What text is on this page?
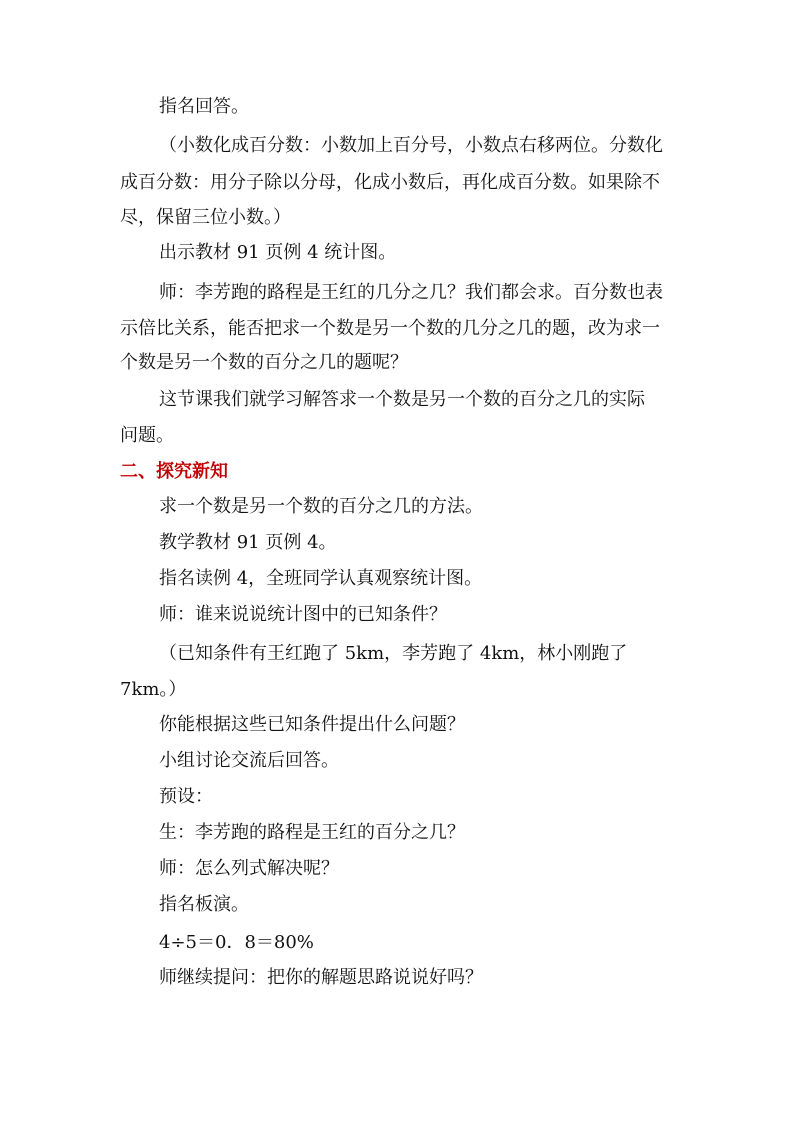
指名回答。
（小数化成百分数：小数加上百分号，小数点右移两位。分数化
成百分数：用分子除以分母，化成小数后，再化成百分数。如果除不
尽，保留三位小数。）
出示教材 91 页例 4 统计图。
师：李芳跑的路程是王红的几分之几？我们都会求。百分数也表
示倍比关系，能否把求一个数是另一个数的几分之几的题，改为求一
个数是另一个数的百分之几的题呢？
这节课我们就学习解答求一个数是另一个数的百分之几的实际
问题。
二、探究新知
求一个数是另一个数的百分之几的方法。
教学教材 91 页例 4。
指名读例 4，全班同学认真观察统计图。
师：谁来说说统计图中的已知条件？
（已知条件有王红跑了 5km，李芳跑了 4km，林小刚跑了
7km。）
你能根据这些已知条件提出什么问题？
小组讨论交流后回答。
预设：
生：李芳跑的路程是王红的百分之几？
师：怎么列式解决呢？
指名板演。
4÷5＝0．8＝80%
师继续提问：把你的解题思路说说好吗？
